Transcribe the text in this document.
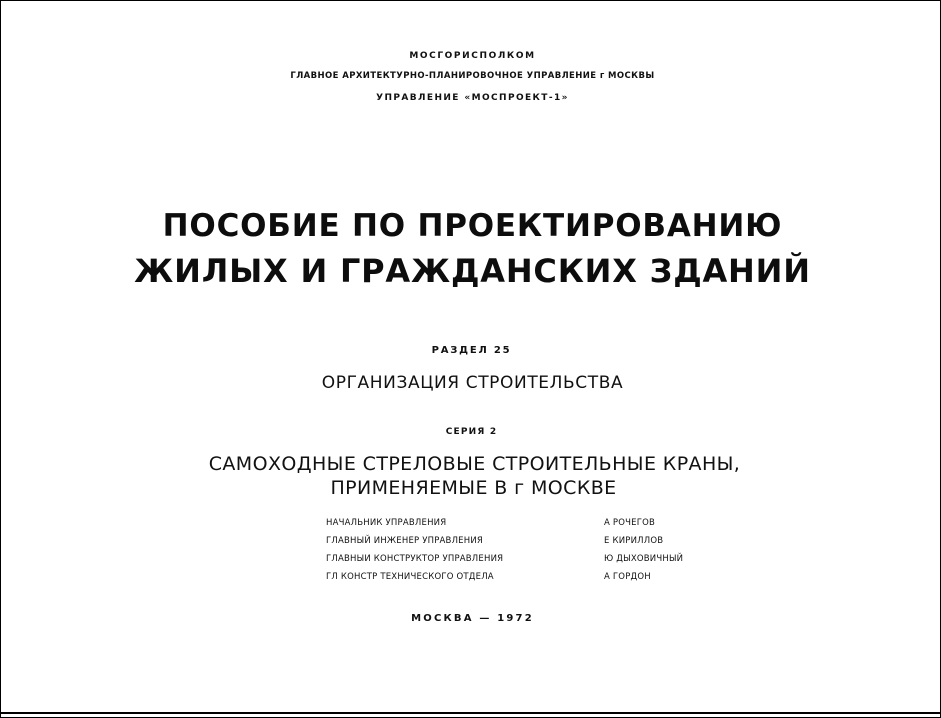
МОСГОРИСПОЛКОМ
ГЛАВНОЕ АРХИТЕКТУРНО-ПЛАНИРОВОЧНОЕ УПРАВЛЕНИЕ г МОСКВЫ
УПРАВЛЕНИЕ «МОСПРОЕКТ-1»
ПОСОБИЕ ПО ПРОЕКТИРОВАНИЮ
ЖИЛЫХ И ГРАЖДАНСКИХ ЗДАНИЙ
РАЗДЕЛ 25
ОРГАНИЗАЦИЯ СТРОИТЕЛЬСТВА
СЕРИЯ 2
САМОХОДНЫЕ СТРЕЛОВЫЕ СТРОИТЕЛЬНЫЕ КРАНЫ,
ПРИМЕНЯЕМЫЕ В г МОСКВЕ
НАЧАЛЬНИК УПРАВЛЕНИЯ	А РОЧЕГОВ
ГЛАВНЫЙ ИНЖЕНЕР УПРАВЛЕНИЯ	Е КИРИЛЛОВ
ГЛАВНЫИ КОНСТРУКТОР УПРАВЛЕНИЯ	Ю ДЫХОВИЧНЫЙ
ГЛ КОНСТР ТЕХНИЧЕСКОГО ОТДЕЛА	А ГОРДОН
МОСКВА — 1972
